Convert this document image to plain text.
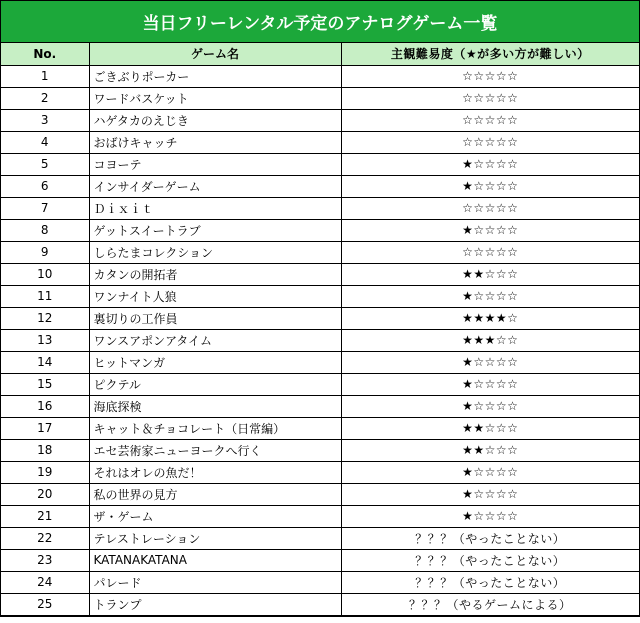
当日フリーレンタル予定のアナログゲーム一覧
No.	ゲーム名	主観難易度（★が多い方が難しい）
1	ごきぶりポーカー	☆☆☆☆☆
2	ワードバスケット	☆☆☆☆☆
3	ハゲタカのえじき	☆☆☆☆☆
4	おばけキャッチ	☆☆☆☆☆
5	コヨーテ	★☆☆☆☆
6	インサイダーゲーム	★☆☆☆☆
7	Ｄｉｘｉｔ	☆☆☆☆☆
8	ゲットスイートラブ	★☆☆☆☆
9	しらたまコレクション	☆☆☆☆☆
10	カタンの開拓者	★★☆☆☆
11	ワンナイト人狼	★☆☆☆☆
12	裏切りの工作員	★★★★☆
13	ワンスアポンアタイム	★★★☆☆
14	ヒットマンガ	★☆☆☆☆
15	ピクテル	★☆☆☆☆
16	海底探検	★☆☆☆☆
17	キャット＆チョコレート（日常編）	★★☆☆☆
18	エセ芸術家ニューヨークへ行く	★★☆☆☆
19	それはオレの魚だ！	★☆☆☆☆
20	私の世界の見方	★☆☆☆☆
21	ザ・ゲーム	★☆☆☆☆
22	テレストレーション	？？？（やったことない）
23	KATANAKATANA	？？？（やったことない）
24	パレード	？？？（やったことない）
25	トランプ	？？？（やるゲームによる）
